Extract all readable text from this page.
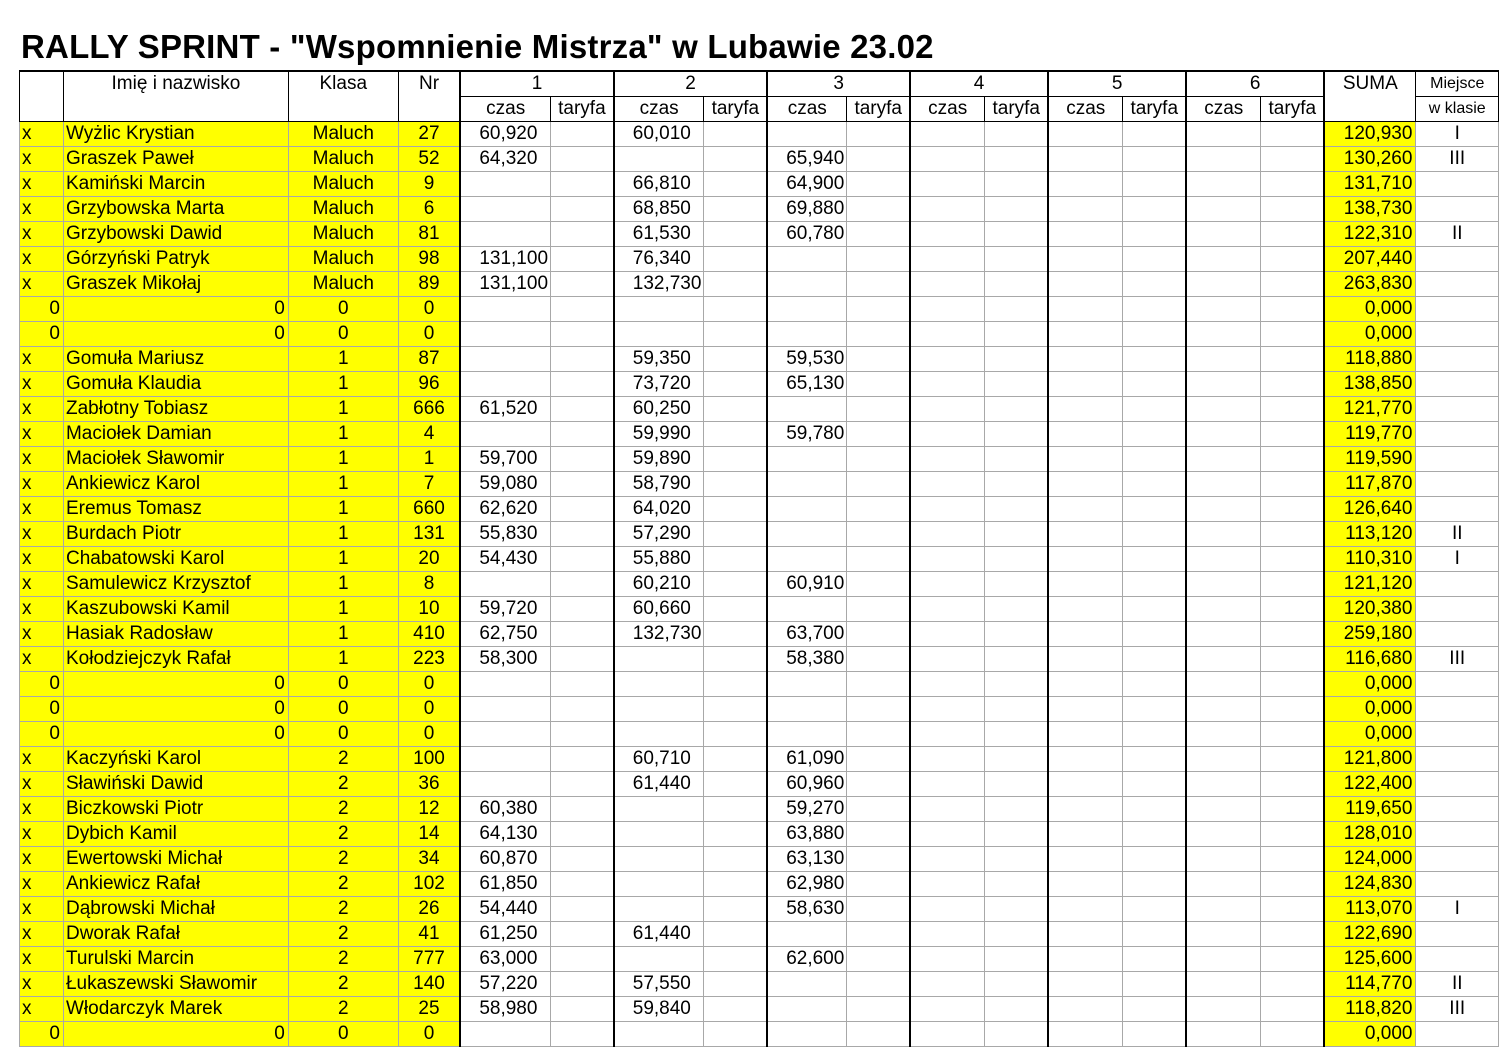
RALLY SPRINT - "Wspomnienie Mistrza" w Lubawie 23.02
	Imię i nazwisko	Klasa	Nr	1		2		3		4		5		6		SUMA	Miejsce
				czas	taryfa	czas	taryfa	czas	taryfa	czas	taryfa	czas	taryfa	czas	taryfa		w klasie
x	Wyżlic Krystian	Maluch	27	60,920		60,010										120,930	I
x	Graszek Paweł	Maluch	52	64,320				65,940								130,260	III
x	Kamiński Marcin	Maluch	9			66,810		64,900								131,710	
x	Grzybowska Marta	Maluch	6			68,850		69,880								138,730	
x	Grzybowski Dawid	Maluch	81			61,530		60,780								122,310	II
x	Górzyński Patryk	Maluch	98	131,100		76,340										207,440	
x	Graszek Mikołaj	Maluch	89	131,100		132,730										263,830	
0	0	0	0													0,000	
0	0	0	0													0,000	
x	Gomuła Mariusz	1	87			59,350		59,530								118,880	
x	Gomuła Klaudia	1	96			73,720		65,130								138,850	
x	Zabłotny Tobiasz	1	666	61,520		60,250										121,770	
x	Maciołek Damian	1	4			59,990		59,780								119,770	
x	Maciołek Sławomir	1	1	59,700		59,890										119,590	
x	Ankiewicz Karol	1	7	59,080		58,790										117,870	
x	Eremus Tomasz	1	660	62,620		64,020										126,640	
x	Burdach Piotr	1	131	55,830		57,290										113,120	II
x	Chabatowski Karol	1	20	54,430		55,880										110,310	I
x	Samulewicz Krzysztof	1	8			60,210		60,910								121,120	
x	Kaszubowski Kamil	1	10	59,720		60,660										120,380	
x	Hasiak Radosław	1	410	62,750		132,730		63,700								259,180	
x	Kołodziejczyk Rafał	1	223	58,300				58,380								116,680	III
0	0	0	0													0,000	
0	0	0	0													0,000	
0	0	0	0													0,000	
x	Kaczyński Karol	2	100			60,710		61,090								121,800	
x	Sławiński Dawid	2	36			61,440		60,960								122,400	
x	Biczkowski Piotr	2	12	60,380				59,270								119,650	
x	Dybich Kamil	2	14	64,130				63,880								128,010	
x	Ewertowski Michał	2	34	60,870				63,130								124,000	
x	Ankiewicz Rafał	2	102	61,850				62,980								124,830	
x	Dąbrowski Michał	2	26	54,440				58,630								113,070	I
x	Dworak Rafał	2	41	61,250		61,440										122,690	
x	Turulski Marcin	2	777	63,000				62,600								125,600	
x	Łukaszewski Sławomir	2	140	57,220		57,550										114,770	II
x	Włodarczyk Marek	2	25	58,980		59,840										118,820	III
0	0	0	0													0,000	
